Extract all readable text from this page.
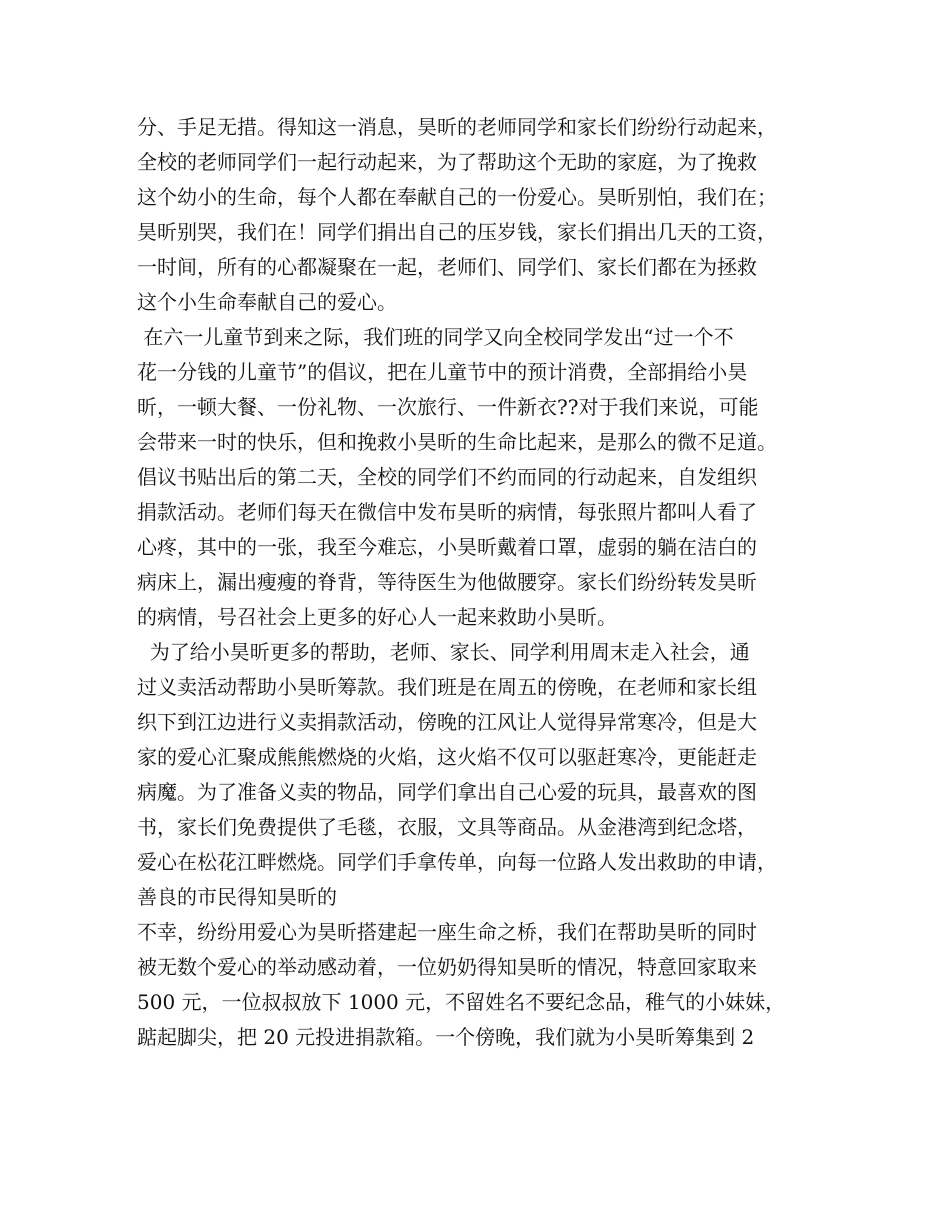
分、手足无措。得知这一消息，昊昕的老师同学和家长们纷纷行动起来，
全校的老师同学们一起行动起来，为了帮助这个无助的家庭，为了挽救
这个幼小的生命，每个人都在奉献自己的一份爱心。昊昕别怕，我们在；
昊昕别哭，我们在！同学们捐出自己的压岁钱，家长们捐出几天的工资，
一时间，所有的心都凝聚在一起，老师们、同学们、家长们都在为拯救
这个小生命奉献自己的爱心。
在六一儿童节到来之际，我们班的同学又向全校同学发出“过一个不
花一分钱的儿童节”的倡议，把在儿童节中的预计消费，全部捐给小昊
昕，一顿大餐、一份礼物、一次旅行、一件新衣??对于我们来说，可能
会带来一时的快乐，但和挽救小昊昕的生命比起来，是那么的微不足道。
倡议书贴出后的第二天，全校的同学们不约而同的行动起来，自发组织
捐款活动。老师们每天在微信中发布昊昕的病情，每张照片都叫人看了
心疼，其中的一张，我至今难忘，小昊昕戴着口罩，虚弱的躺在洁白的
病床上，漏出瘦瘦的脊背，等待医生为他做腰穿。家长们纷纷转发昊昕
的病情，号召社会上更多的好心人一起来救助小昊昕。
为了给小昊昕更多的帮助，老师、家长、同学利用周末走入社会，通
过义卖活动帮助小昊昕筹款。我们班是在周五的傍晚，在老师和家长组
织下到江边进行义卖捐款活动，傍晚的江风让人觉得异常寒冷，但是大
家的爱心汇聚成熊熊燃烧的火焰，这火焰不仅可以驱赶寒冷，更能赶走
病魔。为了准备义卖的物品，同学们拿出自己心爱的玩具，最喜欢的图
书，家长们免费提供了毛毯，衣服，文具等商品。从金港湾到纪念塔，
爱心在松花江畔燃烧。同学们手拿传单，向每一位路人发出救助的申请，
善良的市民得知昊昕的
不幸，纷纷用爱心为昊昕搭建起一座生命之桥，我们在帮助昊昕的同时
被无数个爱心的举动感动着，一位奶奶得知昊昕的情况，特意回家取来
500 元，一位叔叔放下 1000 元，不留姓名不要纪念品，稚气的小妹妹，
踮起脚尖，把 20 元投进捐款箱。一个傍晚，我们就为小昊昕筹集到 2
